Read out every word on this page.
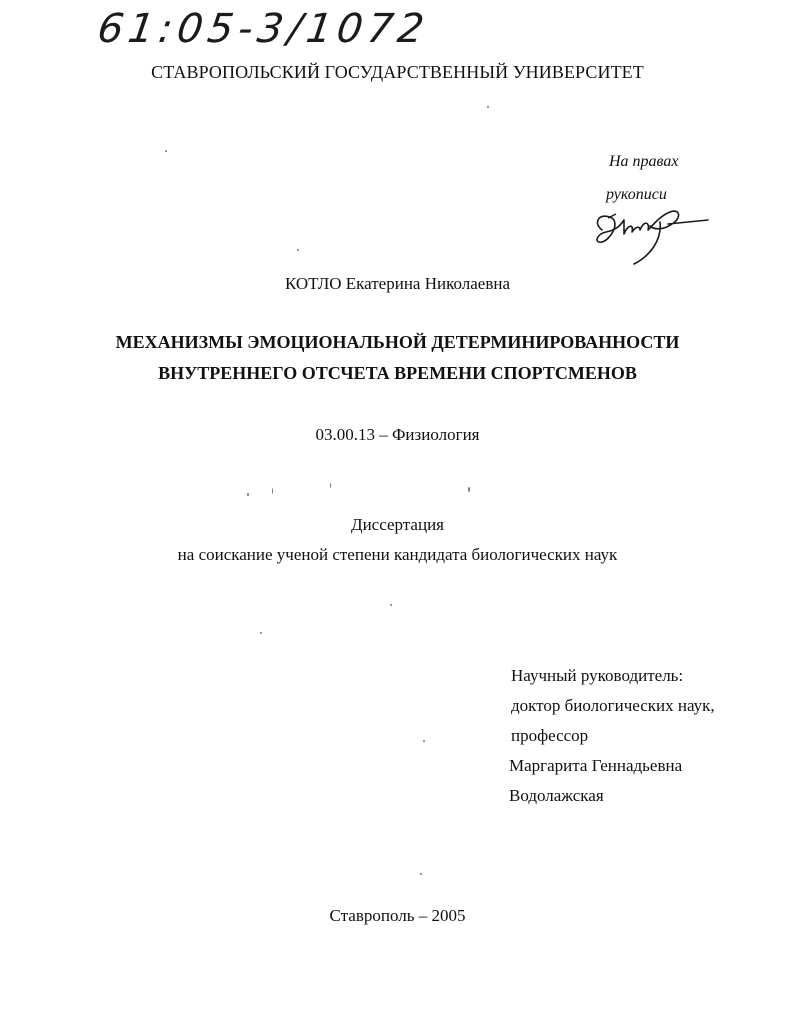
61:05-3/1072
СТАВРОПОЛЬСКИЙ ГОСУДАРСТВЕННЫЙ УНИВЕРСИТЕТ
На правах
рукописи
КОТЛО Екатерина Николаевна
МЕХАНИЗМЫ ЭМОЦИОНАЛЬНОЙ ДЕТЕРМИНИРОВАННОСТИ
ВНУТРЕННЕГО ОТСЧЕТА ВРЕМЕНИ СПОРТСМЕНОВ
03.00.13 – Физиология
Диссертация
на соискание ученой степени кандидата биологических наук
Научный руководитель:
доктор биологических наук,
профессор
Маргарита Геннадьевна
Водолажская
Ставрополь – 2005
